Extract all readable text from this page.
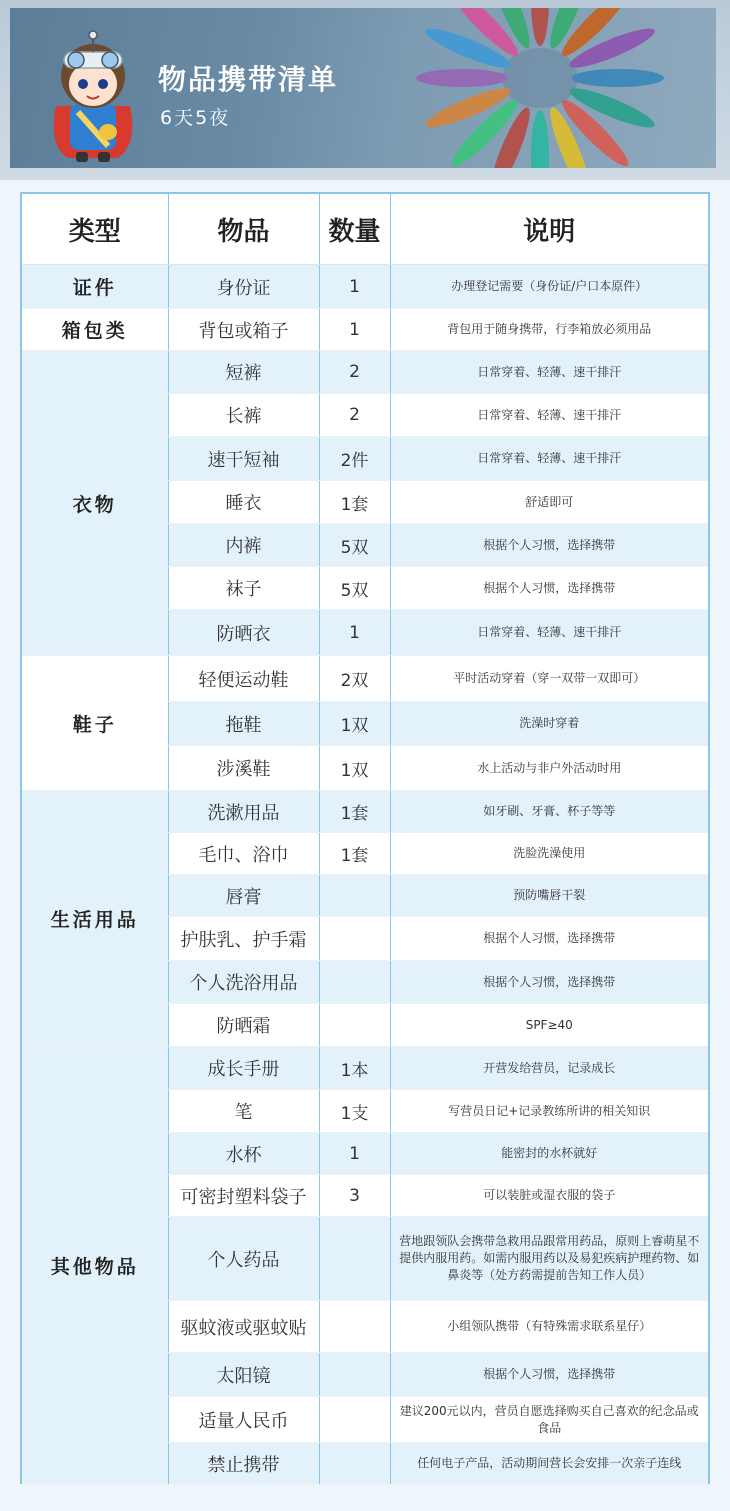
物品携带清单
6天5夜
类型	物品	数量	说明
证件	身份证	1	办理登记需要（身份证/户口本原件）
箱包类	背包或箱子	1	背包用于随身携带，行李箱放必须用品
衣物	短裤	2	日常穿着、轻薄、速干排汗
	长裤	2	日常穿着、轻薄、速干排汗
	速干短袖	2件	日常穿着、轻薄、速干排汗
	睡衣	1套	舒适即可
	内裤	5双	根据个人习惯，选择携带
	袜子	5双	根据个人习惯，选择携带
	防晒衣	1	日常穿着、轻薄、速干排汗
鞋子	轻便运动鞋	2双	平时活动穿着（穿一双带一双即可）
	拖鞋	1双	洗澡时穿着
	涉溪鞋	1双	水上活动与非户外活动时用
生活用品	洗漱用品	1套	如牙刷、牙膏、杯子等等
	毛巾、浴巾	1套	洗脸洗澡使用
	唇膏		预防嘴唇干裂
	护肤乳、护手霜		根据个人习惯，选择携带
	个人洗浴用品		根据个人习惯，选择携带
	防晒霜		SPF≥40
其他物品	成长手册	1本	开营发给营员，记录成长
	笔	1支	写营员日记+记录教练所讲的相关知识
	水杯	1	能密封的水杯就好
	可密封塑料袋子	3	可以装脏或湿衣服的袋子
	个人药品		营地跟领队会携带急救用品跟常用药品，原则上睿萌星不提供内服用药。如需内服用药以及易犯疾病护理药物、如鼻炎等（处方药需提前告知工作人员）
	驱蚊液或驱蚊贴		小组领队携带（有特殊需求联系星仔）
	太阳镜		根据个人习惯，选择携带
	适量人民币		建议200元以内，营员自愿选择购买自己喜欢的纪念品或食品
	禁止携带		任何电子产品，活动期间营长会安排一次亲子连线
